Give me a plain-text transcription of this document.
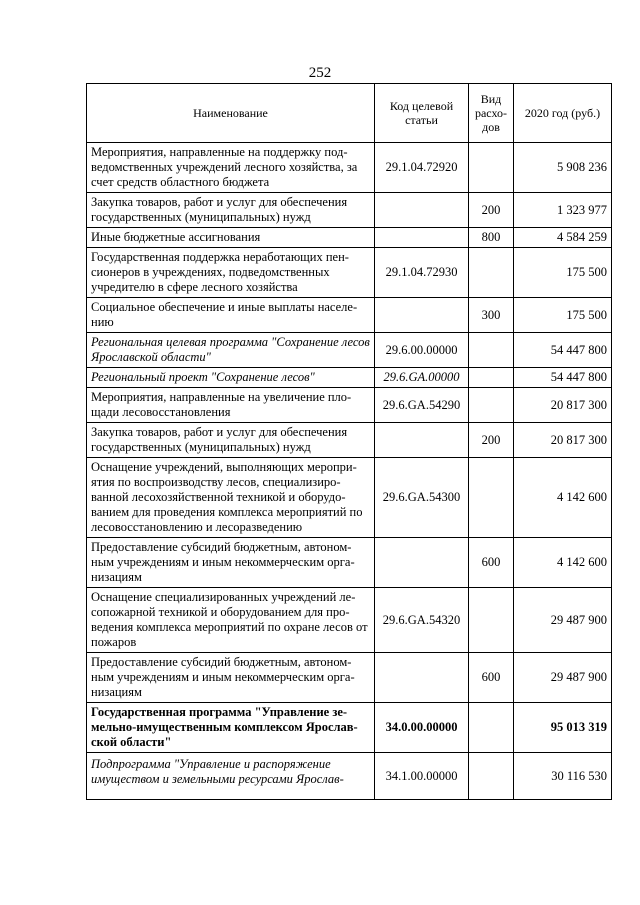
252
Наименование	Код целевой статьи	Вид расхо-дов	2020 год (руб.)
Мероприятия, направленные на поддержку под-ведомственных учреждений лесного хозяйства, за счет средств областного бюджета	29.1.04.72920		5 908 236
Закупка товаров, работ и услуг для обеспечения государственных (муниципальных) нужд		200	1 323 977
Иные бюджетные ассигнования		800	4 584 259
Государственная поддержка неработающих пен-сионеров в учреждениях, подведомственных учредителю в сфере лесного хозяйства	29.1.04.72930		175 500
Социальное обеспечение и иные выплаты населе-нию		300	175 500
Региональная целевая программа "Сохранение лесов Ярославской области"	29.6.00.00000		54 447 800
Региональный проект "Сохранение лесов"	29.6.GA.00000		54 447 800
Мероприятия, направленные на увеличение пло-щади лесовосстановления	29.6.GA.54290		20 817 300
Закупка товаров, работ и услуг для обеспечения государственных (муниципальных) нужд		200	20 817 300
Оснащение учреждений, выполняющих меропри-ятия по воспроизводству лесов, специализиро-ванной лесохозяйственной техникой и оборудо-ванием для проведения комплекса мероприятий по лесовосстановлению и лесоразведению	29.6.GA.54300		4 142 600
Предоставление субсидий бюджетным, автоном-ным учреждениям и иным некоммерческим орга-низациям		600	4 142 600
Оснащение специализированных учреждений ле-сопожарной техникой и оборудованием для про-ведения комплекса мероприятий по охране лесов от пожаров	29.6.GA.54320		29 487 900
Предоставление субсидий бюджетным, автоном-ным учреждениям и иным некоммерческим орга-низациям		600	29 487 900
Государственная программа "Управление зе-мельно-имущественным комплексом Ярослав-ской области"	34.0.00.00000		95 013 319
Подпрограмма "Управление и распоряжение имуществом и земельными ресурсами Ярослав-	34.1.00.00000		30 116 530
